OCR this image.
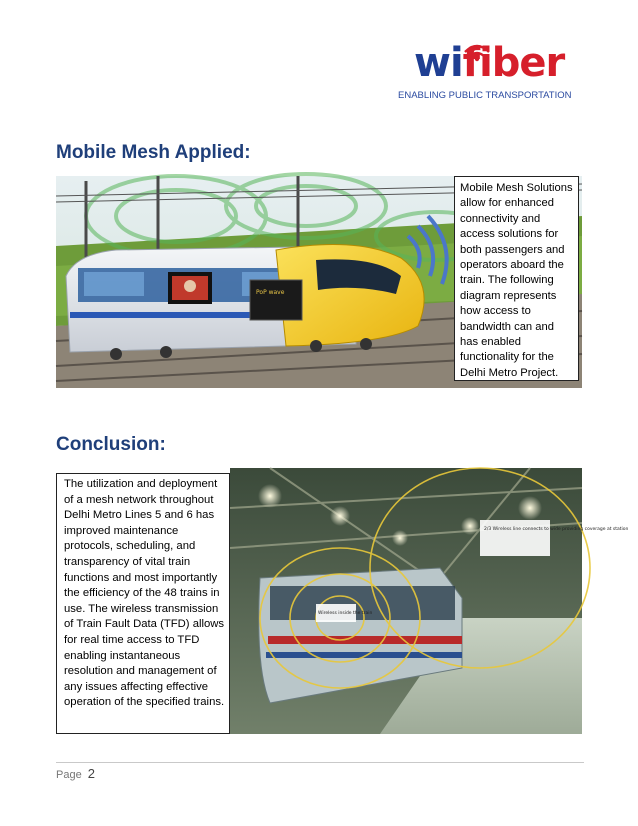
wifiber
ENABLING PUBLIC TRANSPORTATION
Mobile Mesh Applied:
PoP wave
Mobile Mesh Solutions allow for enhanced connectivity and access solutions for both passengers and operators aboard the train. The following diagram represents how access to bandwidth can and has enabled functionality for the Delhi Metro Project.
Conclusion:
2/3 Wireless line connects to wide providing coverage at station
Wireless inside the train
The utilization and deployment of a mesh network throughout Delhi Metro Lines 5 and 6 has improved maintenance protocols, scheduling, and transparency of vital train functions and most importantly the efficiency of the 48 trains in use. The wireless transmission of Train Fault Data (TFD) allows for real time access to TFD enabling instantaneous resolution and management of any issues affecting effective operation of the specified trains.
Page 2
